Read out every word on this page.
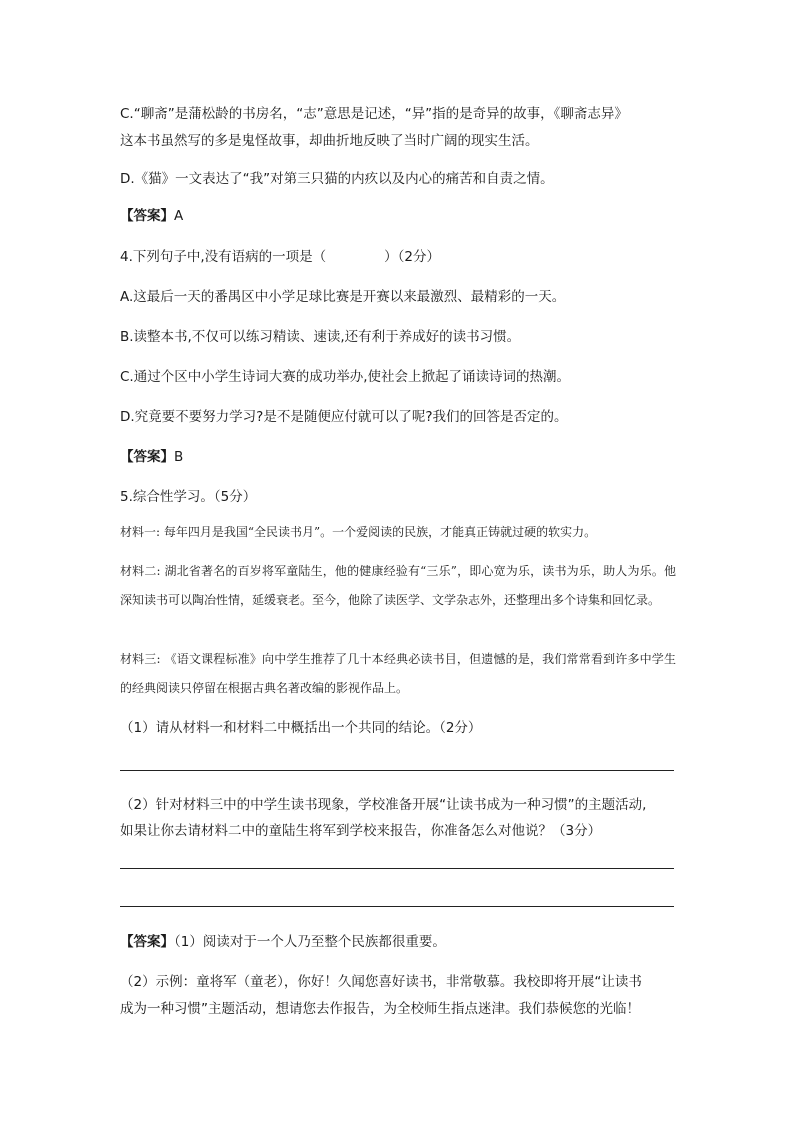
C.“聊斋”是蒲松龄的书房名，“志”意思是记述，“异”指的是奇异的故事，《聊斋志异》
这本书虽然写的多是鬼怪故事，却曲折地反映了当时广阔的现实生活。
D.《猫》一文表达了“我”对第三只猫的内疚以及内心的痛苦和自责之情。
【答案】A
4.下列句子中,没有语病的一项是（	）（2分）
A.这最后一天的番禺区中小学足球比赛是开赛以来最激烈、最精彩的一天。
B.读整本书,不仅可以练习精读、速读,还有利于养成好的读书习惯。
C.通过个区中小学生诗词大赛的成功举办,使社会上掀起了诵读诗词的热潮。
D.究竟要不要努力学习?是不是随便应付就可以了呢?我们的回答是否定的。
【答案】B
5.综合性学习。（5分）
材料一: 每年四月是我国“全民读书月”。一个爱阅读的民族，才能真正铸就过硬的软实力。
材料二: 湖北省著名的百岁将军童陆生，他的健康经验有“三乐”，即心宽为乐，读书为乐，助人为乐。他深知读书可以陶冶性情，延缓衰老。至今，他除了读医学、文学杂志外，还整理出多个诗集和回忆录。
材料三: 《语文课程标准》向中学生推荐了几十本经典必读书目，但遗憾的是，我们常常看到许多中学生的经典阅读只停留在根据古典名著改编的影视作品上。
（1）请从材料一和材料二中概括出一个共同的结论。（2分）
（2）针对材料三中的中学生读书现象，学校准备开展“让读书成为一种习惯”的主题活动,
如果让你去请材料二中的童陆生将军到学校来报告，你准备怎么对他说？（3分）
【答案】（1）阅读对于一个人乃至整个民族都很重要。
（2）示例：童将军（童老），你好！久闻您喜好读书，非常敬慕。我校即将开展“让读书
成为一种习惯”主题活动，想请您去作报告，为全校师生指点迷津。我们恭候您的光临！
